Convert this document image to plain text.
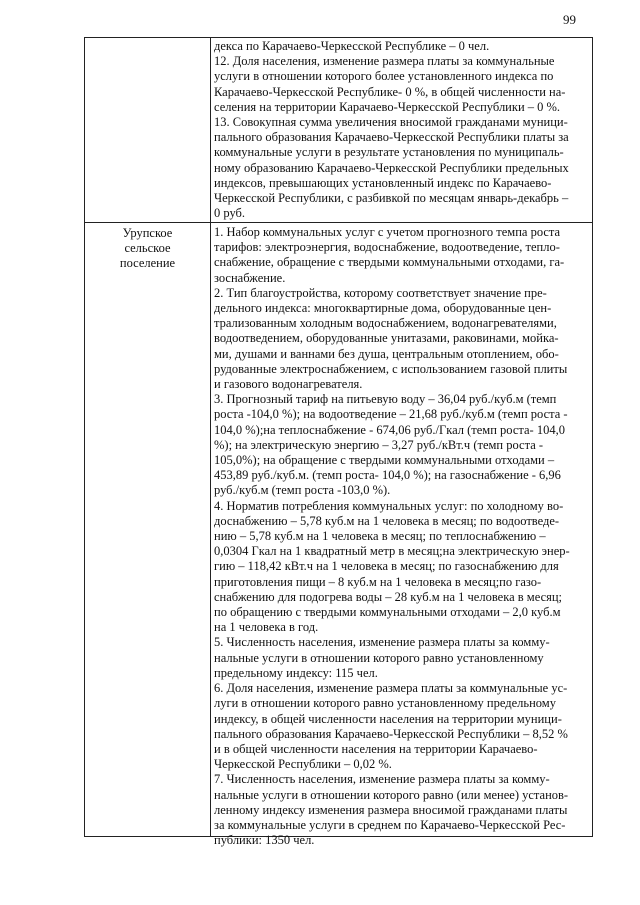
99
декса по Карачаево-Черкесской Республике – 0 чел.
12. Доля населения, изменение размера платы за коммунальные
услуги в отношении которого более установленного индекса по
Карачаево-Черкесской Республике- 0 %, в общей численности на-
селения на территории Карачаево-Черкесской Республики – 0 %.
13. Совокупная сумма увеличения вносимой гражданами муници-
пального образования Карачаево-Черкесской Республики платы за
коммунальные услуги в результате установления по муниципаль-
ному образованию Карачаево-Черкесской Республики предельных
индексов, превышающих установленный индекс по Карачаево-
Черкесской Республики, с разбивкой по месяцам январь-декабрь –
0 руб.
Урупское
сельское
поселение
1. Набор коммунальных услуг с учетом прогнозного темпа роста
тарифов: электроэнергия, водоснабжение, водоотведение, тепло-
снабжение, обращение с твердыми коммунальными отходами, га-
зоснабжение.
2. Тип благоустройства, которому соответствует значение пре-
дельного индекса: многоквартирные дома, оборудованные цен-
трализованным холодным водоснабжением, водонагревателями,
водоотведением, оборудованные унитазами, раковинами, мойка-
ми, душами и ваннами без душа, центральным отоплением, обо-
рудованные электроснабжением, с использованием газовой плиты
и газового водонагревателя.
3. Прогнозный тариф на питьевую воду – 36,04 руб./куб.м (темп
роста -104,0 %); на водоотведение – 21,68 руб./куб.м (темп роста -
104,0 %);на теплоснабжение - 674,06 руб./Гкал (темп роста- 104,0
%); на электрическую энергию – 3,27 руб./кВт.ч (темп роста -
105,0%); на обращение с твердыми коммунальными отходами –
453,89 руб./куб.м. (темп роста- 104,0 %); на газоснабжение - 6,96
руб./куб.м (темп роста -103,0 %).
4. Норматив потребления коммунальных услуг: по холодному во-
доснабжению – 5,78 куб.м на 1 человека в месяц; по водоотведе-
нию – 5,78 куб.м на 1 человека в месяц; по теплоснабжению –
0,0304 Гкал на 1 квадратный метр в месяц;на электрическую энер-
гию – 118,42 кВт.ч на 1 человека в месяц; по газоснабжению для
приготовления пищи – 8 куб.м на 1 человека в месяц;по газо-
снабжению для подогрева воды – 28 куб.м на 1 человека в месяц;
по обращению с твердыми коммунальными отходами – 2,0 куб.м
на 1 человека в год.
5. Численность населения, изменение размера платы за комму-
нальные услуги в отношении которого равно установленному
предельному индексу: 115 чел.
6. Доля населения, изменение размера платы за коммунальные ус-
луги в отношении которого равно установленному предельному
индексу, в общей численности населения на территории муници-
пального образования Карачаево-Черкесской Республики – 8,52 %
и в общей численности населения на территории Карачаево-
Черкесской Республики – 0,02 %.
7. Численность населения, изменение размера платы за комму-
нальные услуги в отношении которого равно (или менее) установ-
ленному индексу изменения размера вносимой гражданами платы
за коммунальные услуги в среднем по Карачаево-Черкесской Рес-
публики: 1350 чел.
